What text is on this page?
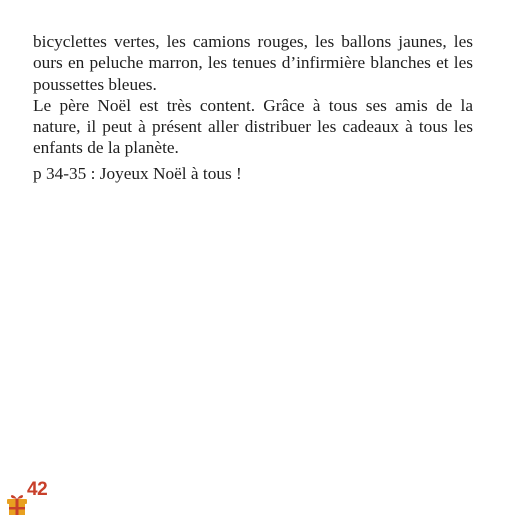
bicyclettes vertes, les camions rouges, les ballons jaunes, les ours en peluche marron, les tenues d’infirmière blanches et les poussettes bleues.

Le père Noël est très content. Grâce à tous ses amis de la nature, il peut à présent aller distribuer les cadeaux à tous les enfants de la planète.

p 34-35 : Joyeux Noël à tous !

42
